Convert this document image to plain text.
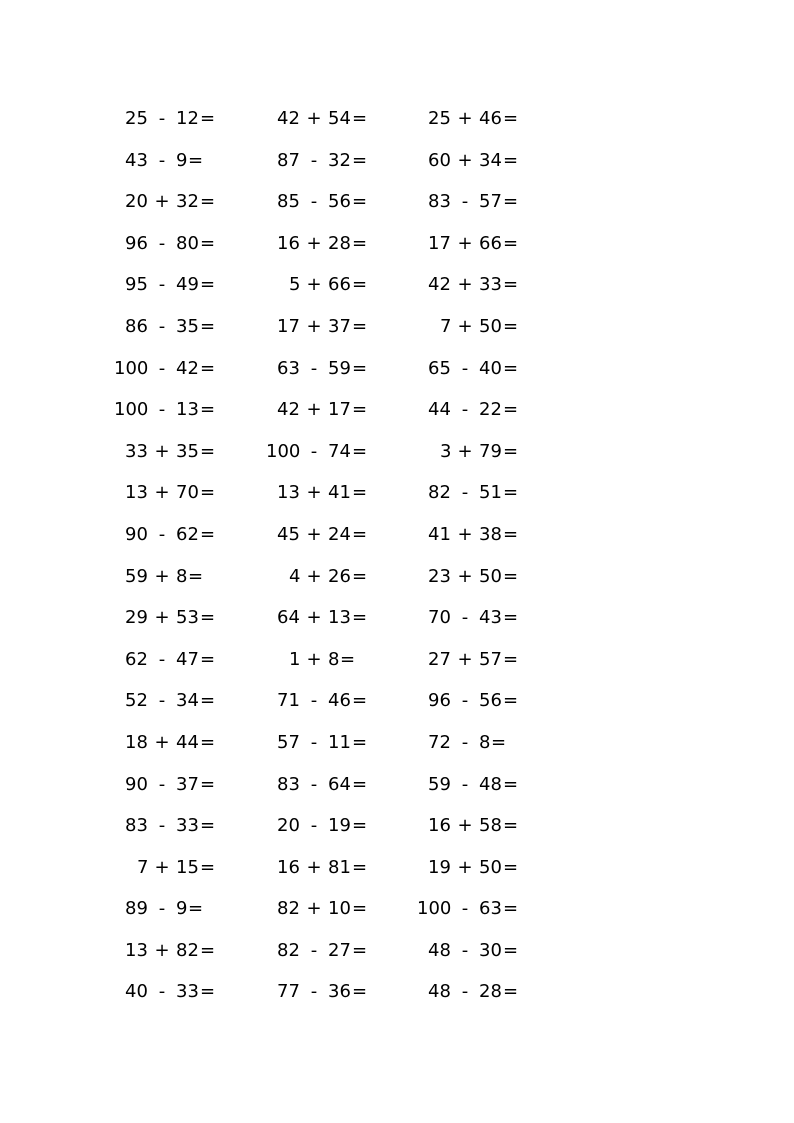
25 - 12 =
43 - 9 =
20 + 32 =
96 - 80 =
95 - 49 =
86 - 35 =
100 - 42 =
100 - 13 =
33 + 35 =
13 + 70 =
90 - 62 =
59 + 8 =
29 + 53 =
62 - 47 =
52 - 34 =
18 + 44 =
90 - 37 =
83 - 33 =
7 + 15 =
89 - 9 =
13 + 82 =
40 - 33 =
42 + 54 =
87 - 32 =
85 - 56 =
16 + 28 =
5 + 66 =
17 + 37 =
63 - 59 =
42 + 17 =
100 - 74 =
13 + 41 =
45 + 24 =
4 + 26 =
64 + 13 =
1 + 8 =
71 - 46 =
57 - 11 =
83 - 64 =
20 - 19 =
16 + 81 =
82 + 10 =
82 - 27 =
77 - 36 =
25 + 46 =
60 + 34 =
83 - 57 =
17 + 66 =
42 + 33 =
7 + 50 =
65 - 40 =
44 - 22 =
3 + 79 =
82 - 51 =
41 + 38 =
23 + 50 =
70 - 43 =
27 + 57 =
96 - 56 =
72 - 8 =
59 - 48 =
16 + 58 =
19 + 50 =
100 - 63 =
48 - 30 =
48 - 28 =
